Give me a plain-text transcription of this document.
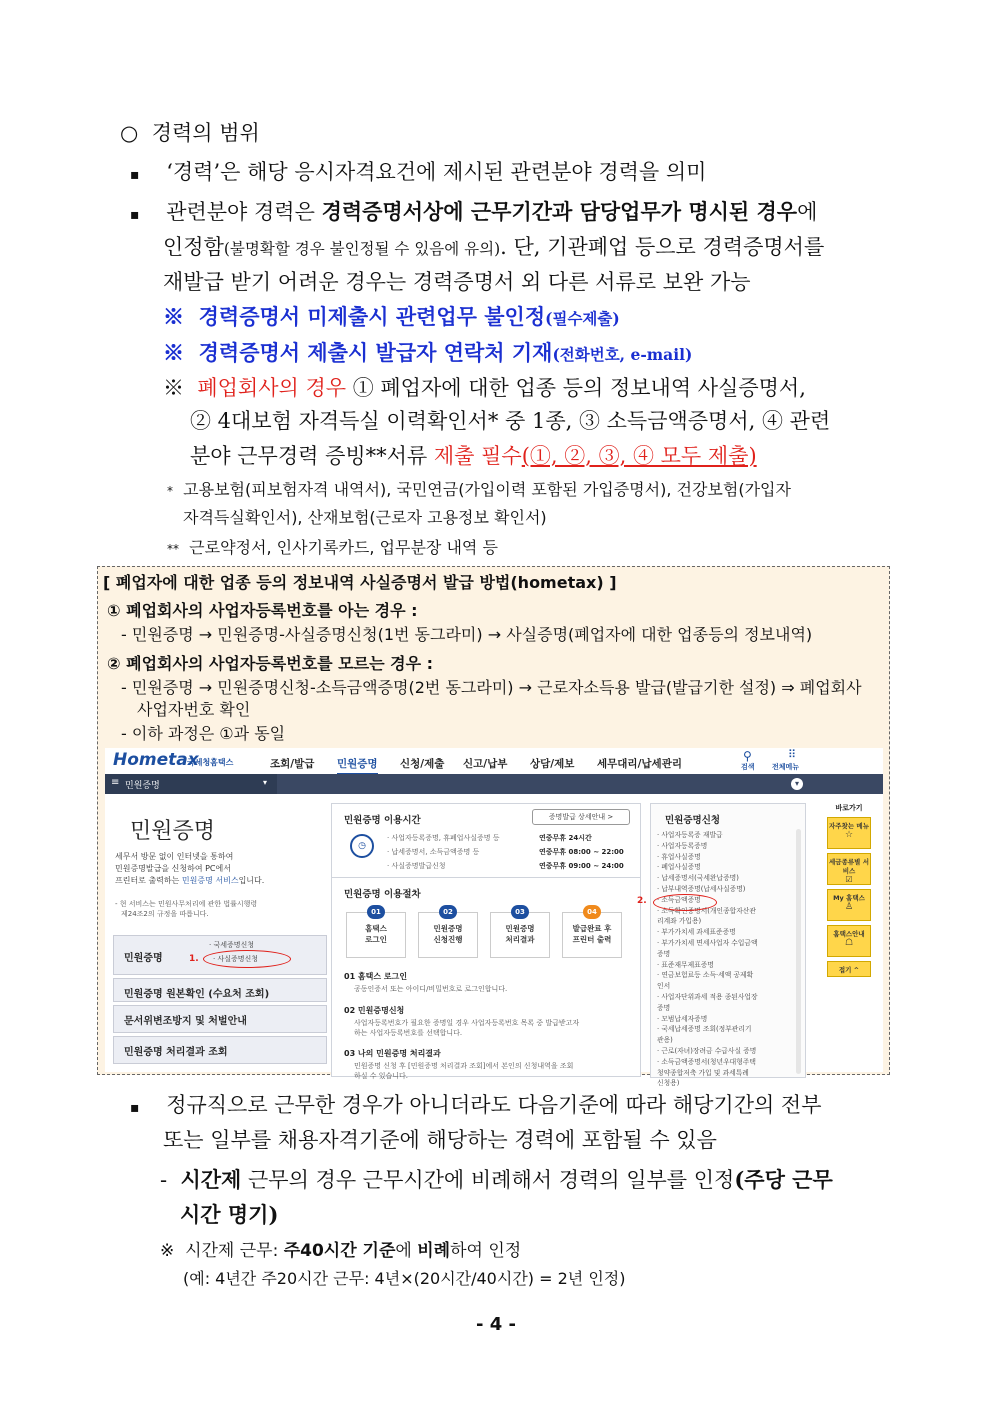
○ 경력의 범위
▪ ‘경력’은 해당 응시자격요건에 제시된 관련분야 경력을 의미
▪ 관련분야 경력은 경력증명서상에 근무기간과 담당업무가 명시된 경우에
인정함(불명확할 경우 불인정될 수 있음에 유의). 단, 기관폐업 등으로 경력증명서를
재발급 받기 어려운 경우는 경력증명서 외 다른 서류로 보완 가능
※ 경력증명서 미제출시 관련업무 불인정(필수제출)
※ 경력증명서 제출시 발급자 연락처 기재(전화번호, e-mail)
※ 폐업회사의 경우 ① 폐업자에 대한 업종 등의 정보내역 사실증명서,
② 4대보험 자격득실 이력확인서* 중 1종, ③ 소득금액증명서, ④ 관련
분야 근무경력 증빙**서류 제출 필수(①, ②, ③, ④ 모두 제출)
* 고용보험(피보험자격 내역서), 국민연금(가입이력 포함된 가입증명서), 건강보험(가입자
자격득실확인서), 산재보험(근로자 고용정보 확인서)
** 근로약정서, 인사기록카드, 업무분장 내역 등
[ 폐업자에 대한 업종 등의 정보내역 사실증명서 발급 방법(hometax) ]
① 폐업회사의 사업자등록번호를 아는 경우 :
- 민원증명 → 민원증명-사실증명신청(1번 동그라미) → 사실증명(폐업자에 대한 업종등의 정보내역)
② 폐업회사의 사업자등록번호를 모르는 경우 :
- 민원증명 → 민원증명신청-소득금액증명(2번 동그라미) → 근로자소득용 발급(발급기한 설정) ⇒ 폐업회사
사업자번호 확인
- 이하 과정은 ①과 동일
Hometax
국세청홈택스	조회/발급 민원증명 신청/제출 신고/납부 상담/제보 세무대리/납세관리
⚲
검색
⠿
전체메뉴
≡ 민원증명	▾	▾
민원증명
세무서 방문 없이 인터넷을 통하여
민원증명발급을 신청하여 PC에서
프린터로 출력하는 민원증명 서비스입니다.
- 현 서비스는 민원사무처리에 관한 법률시행령
제24조2의 규정을 따릅니다.
민원증명
· 국세증명신청
· 사실증명신청
1.
민원증명 원본확인 (수요처 조회)
문서위변조방지 및 처벌안내
민원증명 처리결과 조회
민원증명 이용시간	증명발급 상세안내 >
◷
· 사업자등록증명, 휴폐업사실증명 등	연중무휴 24시간
· 납세증명서, 소득금액증명 등	연중무휴 08:00 ~ 22:00
· 사실증명발급신청	연중무휴 09:00 ~ 24:00
민원증명 이용절차
01
홈택스
로그인
02
민원증명
신청진행
03
민원증명
처리결과
04
발급완료 후
프린터 출력
01 홈택스 로그인
공동인증서 또는 아이디/비밀번호로 로그인합니다.
02 민원증명신청
사업자등록번호가 필요한 증명일 경우 사업자등록번호 목록 중 발급받고자
하는 사업자등록번호를 선택합니다.
03 나의 민원증명 처리결과
민원증명 신청 후 [민원증명 처리결과 조회]에서 본인의 신청내역을 조회
하실 수 있습니다.
민원증명신청
· 사업자등록증 재발급
· 사업자등록증명
· 휴업사실증명
· 폐업사실증명
· 납세증명서(국세완납증명)
· 납부내역증명(납세사실증명)
· 소득금액증명
· 소득확인증명서(개인종합자산관
리계좌 가입용)
· 부가가치세 과세표준증명
· 부가가치세 면세사업자 수입금액
증명
· 표준재무제표증명
· 연금보험료등 소득·세액 공제확
인서
· 사업자단위과세 적용 종된사업장
증명
· 모범납세자증명
· 국세납세증명 조회(정부관리기
관용)
· 근로(자녀)장려금 수급사실 증명
· 소득금액증명서(청년우대형주택
청약종합저축 가입 및 과세특례
신청용)
2.
바로가기
자주찾는 메뉴
☆
세금종류별 서비스
☑
My 홈택스
♙
홈택스안내
☖
접기 ^
▪ 정규직으로 근무한 경우가 아니더라도 다음기준에 따라 해당기간의 전부
또는 일부를 채용자격기준에 해당하는 경력에 포함될 수 있음
- 시간제 근무의 경우 근무시간에 비례해서 경력의 일부를 인정(주당 근무
시간 명기)
※ 시간제 근무: 주40시간 기준에 비례하여 인정
(예: 4년간 주20시간 근무: 4년×(20시간/40시간) = 2년 인정)
- 4 -
